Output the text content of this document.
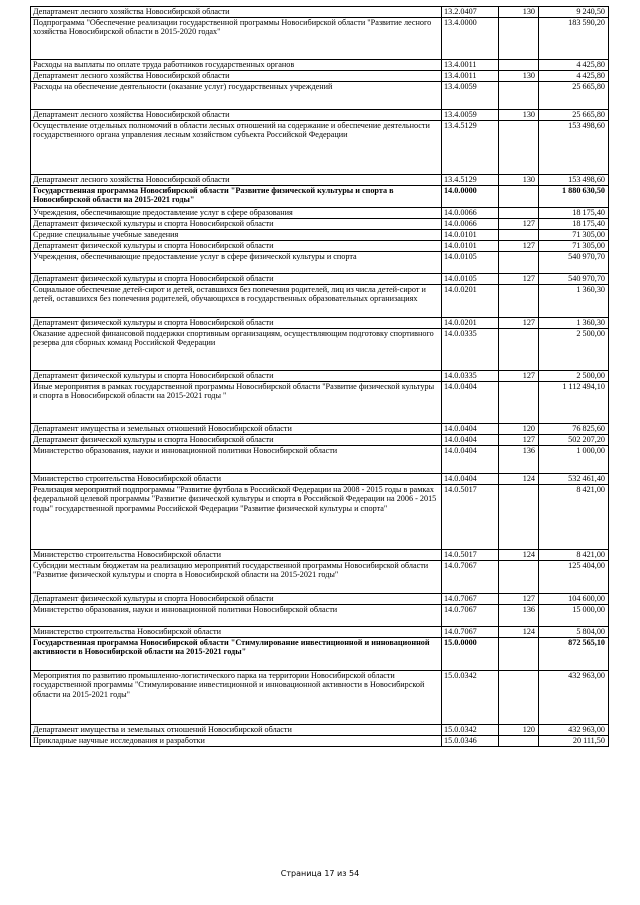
Департамент лесного хозяйства Новосибирской области	13.2.0407	130	9 240,50
Подпрограмма "Обеспечение реализации государственной программы Новосибирской области "Развитие лесного хозяйства Новосибирской области в 2015-2020 годах"	13.4.0000		183 590,20
Расходы на выплаты по оплате труда работников государственных органов	13.4.0011		4 425,80
Департамент лесного хозяйства Новосибирской области	13.4.0011	130	4 425,80
Расходы на обеспечение деятельности (оказание услуг) государственных учреждений	13.4.0059		25 665,80
Департамент лесного хозяйства Новосибирской области	13.4.0059	130	25 665,80
Осуществление отдельных полномочий в области лесных отношений на содержание и обеспечение деятельности государственного органа управления лесным хозяйством субъекта Российской Федерации	13.4.5129		153 498,60
Департамент лесного хозяйства Новосибирской области	13.4.5129	130	153 498,60
Государственная программа Новосибирской области "Развитие физической культуры и спорта в Новосибирской области на 2015-2021 годы"	14.0.0000		1 880 630,50
Учреждения, обеспечивающие предоставление услуг в сфере образования	14.0.0066		18 175,40
Департамент физической культуры и спорта Новосибирской области	14.0.0066	127	18 175,40
Средние специальные учебные заведения	14.0.0101		71 305,00
Департамент физической культуры и спорта Новосибирской области	14.0.0101	127	71 305,00
Учреждения, обеспечивающие предоставление услуг в сфере физической культуры и спорта	14.0.0105		540 970,70
Департамент физической культуры и спорта Новосибирской области	14.0.0105	127	540 970,70
Социальное обеспечение детей-сирот и детей, оставшихся без попечения родителей, лиц из числа детей-сирот и детей, оставшихся без попечения родителей, обучающихся в государственных образовательных организациях	14.0.0201		1 360,30
Департамент физической культуры и спорта Новосибирской области	14.0.0201	127	1 360,30
Оказание адресной финансовой поддержки спортивным организациям, осуществляющим подготовку спортивного резерва для сборных команд Российской Федерации	14.0.0335		2 500,00
Департамент физической культуры и спорта Новосибирской области	14.0.0335	127	2 500,00
Иные мероприятия в рамках государственной программы Новосибирской области "Развитие физической культуры и спорта в Новосибирской области на 2015-2021 годы "	14.0.0404		1 112 494,10
Департамент имущества и земельных отношений Новосибирской области	14.0.0404	120	76 825,60
Департамент физической культуры и спорта Новосибирской области	14.0.0404	127	502 207,20
Министерство образования, науки и инновационной политики Новосибирской области	14.0.0404	136	1 000,00
Министерство строительства Новосибирской области	14.0.0404	124	532 461,40
Реализация мероприятий подпрограммы "Развитие футбола в Российской Федерации на 2008 - 2015 годы в рамках федеральной целевой программы "Развитие физической культуры и спорта в Российской Федерации на 2006 - 2015 годы" государственной программы Российской Федерации "Развитие физической культуры и спорта"	14.0.5017		8 421,00
Министерство строительства Новосибирской области	14.0.5017	124	8 421,00
Субсидии местным бюджетам на реализацию мероприятий государственной программы Новосибирской области "Развитие физической культуры и спорта в Новосибирской области на 2015-2021 годы"	14.0.7067		125 404,00
Департамент физической культуры и спорта Новосибирской области	14.0.7067	127	104 600,00
Министерство образования, науки и инновационной политики Новосибирской области	14.0.7067	136	15 000,00
Министерство строительства Новосибирской области	14.0.7067	124	5 804,00
Государственная программа Новосибирской области "Стимулирование инвестиционной и инновационной активности в Новосибирской области на 2015-2021 годы"	15.0.0000		872 565,10
Мероприятия по развитию промышленно-логистического парка на территории Новосибирской области государственной программы "Стимулирование инвестиционной и инновационной активности в Новосибирской области на 2015-2021 годы"	15.0.0342		432 963,00
Департамент имущества и земельных отношений Новосибирской области	15.0.0342	120	432 963,00
Прикладные научные исследования и разработки	15.0.0346		20 111,50
Страница 17 из 54
